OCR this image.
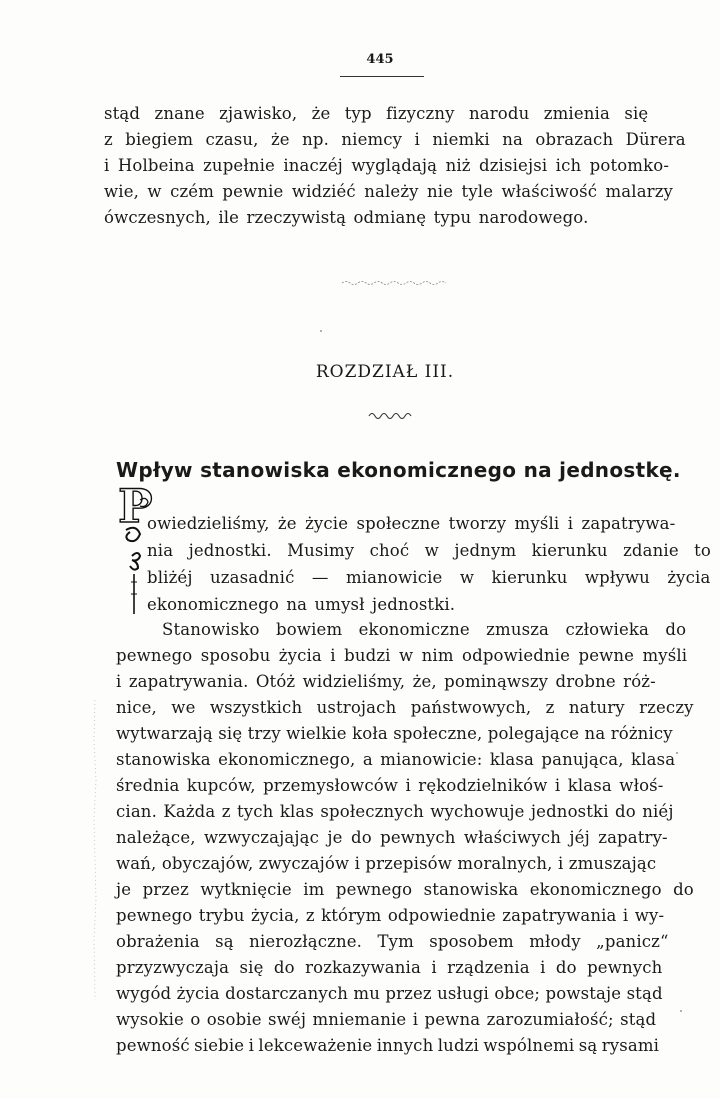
445
stąd znane zjawisko, że typ fizyczny narodu zmienia się
z biegiem czasu, że np. niemcy i niemki na obrazach Dürera
i Holbeina zupełnie inaczéj wyglądają niż dzisiejsi ich potomko-
wie, w czém pewnie widziéć należy nie tyle właściwość malarzy
ówczesnych, ile rzeczywistą odmianę typu narodowego.
ROZDZIAŁ III.
Wpływ stanowiska ekonomicznego na jednostkę.
P
owiedzieliśmy, że życie społeczne tworzy myśli i zapatrywa-
nia jednostki. Musimy choć w jednym kierunku zdanie to
bliżéj uzasadnić — mianowicie w kierunku wpływu życia
ekonomicznego na umysł jednostki.
Stanowisko bowiem ekonomiczne zmusza człowieka do
pewnego sposobu życia i budzi w nim odpowiednie pewne myśli
i zapatrywania. Otóż widzieliśmy, że, pominąwszy drobne róż-
nice, we wszystkich ustrojach państwowych, z natury rzeczy
wytwarzają się trzy wielkie koła społeczne, polegające na różnicy
stanowiska ekonomicznego, a mianowicie: klasa panująca, klasa
średnia kupców, przemysłowców i rękodzielników i klasa włoś-
cian. Każda z tych klas społecznych wychowuje jednostki do niéj
należące, wzwyczajając je do pewnych właściwych jéj zapatry-
wań, obyczajów, zwyczajów i przepisów moralnych, i zmuszając
je przez wytknięcie im pewnego stanowiska ekonomicznego do
pewnego trybu życia, z którym odpowiednie zapatrywania i wy-
obrażenia są nierozłączne. Tym sposobem młody „panicz“
przyzwyczaja się do rozkazywania i rządzenia i do pewnych
wygód życia dostarczanych mu przez usługi obce; powstaje stąd
wysokie o osobie swéj mniemanie i pewna zarozumiałość; stąd
pewność siebie i lekceważenie innych ludzi wspólnemi są rysami
